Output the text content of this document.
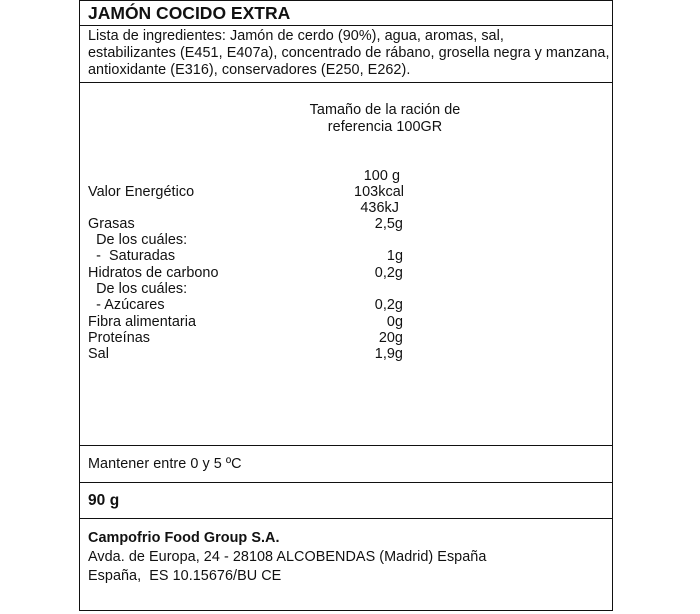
JAMÓN COCIDO EXTRA
Lista de ingredientes: Jamón de cerdo (90%), agua, aromas, sal,
estabilizantes (E451, E407a), concentrado de rábano, grosella negra y manzana,
antioxidante (E316), conservadores (E250, E262).
Tamaño de la ración de
referencia 100GR
100 g
Valor Energético	103kcal
436kJ
Grasas	2,5g
De los cuáles:
-  Saturadas	1g
Hidratos de carbono	0,2g
De los cuáles:
- Azúcares	0,2g
Fibra alimentaria	0g
Proteínas	20g
Sal	1,9g
Mantener entre 0 y 5 ºC
90 g
Campofrio Food Group S.A.
Avda. de Europa, 24 - 28108 ALCOBENDAS (Madrid) España
España,  ES 10.15676/BU CE
